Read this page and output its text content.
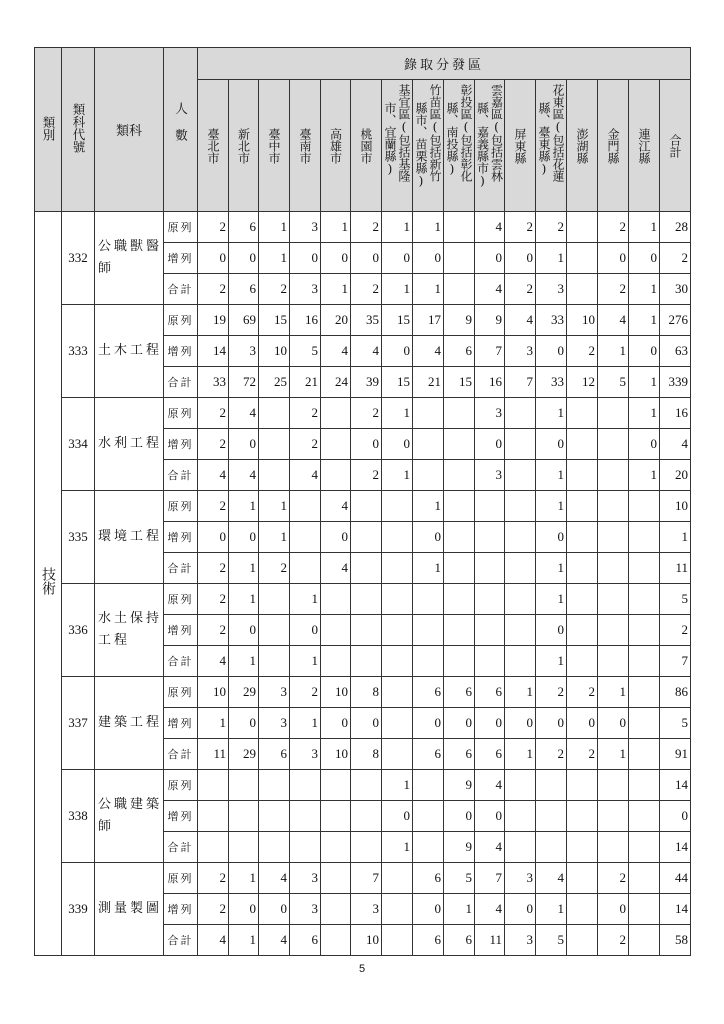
類別	類科代號	類科	人數	錄取分發區															

				臺北市	新北市	臺中市	臺南市	高雄市	桃園市	基宜區(包括基隆
市、宜蘭縣)	竹苗區(包括新竹
縣市、苗栗縣)	彰投區(包括彰化
縣、南投縣)	雲嘉區(包括雲林
縣、嘉義縣市)	屏東縣	花東區(包括花蓮
縣、臺東縣)	澎湖縣	金門縣	連江縣	合計

技術	332	公職獸醫師	原列	2	6	1	3	1	2	1	1		4	2	2		2	1	28
			增列	0	0	1	0	0	0	0	0		0	0	1		0	0	2
			合計	2	6	2	3	1	2	1	1		4	2	3		2	1	30
	333	土木工程	原列	19	69	15	16	20	35	15	17	9	9	4	33	10	4	1	276
			增列	14	3	10	5	4	4	0	4	6	7	3	0	2	1	0	63
			合計	33	72	25	21	24	39	15	21	15	16	7	33	12	5	1	339
	334	水利工程	原列	2	4		2		2	1			3		1			1	16
			增列	2	0		2		0	0			0		0			0	4
			合計	4	4		4		2	1			3		1			1	20
	335	環境工程	原列	2	1	1		4			1				1				10
			增列	0	0	1		0			0				0				1
			合計	2	1	2		4			1				1				11
	336	水土保持工程	原列	2	1		1								1				5
			增列	2	0		0								0				2
			合計	4	1		1								1				7
	337	建築工程	原列	10	29	3	2	10	8		6	6	6	1	2	2	1		86
			增列	1	0	3	1	0	0		0	0	0	0	0	0	0		5
			合計	11	29	6	3	10	8		6	6	6	1	2	2	1		91
	338	公職建築師	原列							1		9	4						14
			增列							0		0	0						0
			合計							1		9	4						14
	339	測量製圖	原列	2	1	4	3		7		6	5	7	3	4		2		44
			增列	2	0	0	3		3		0	1	4	0	1		0		14
			合計	4	1	4	6		10		6	6	11	3	5		2		58
5
